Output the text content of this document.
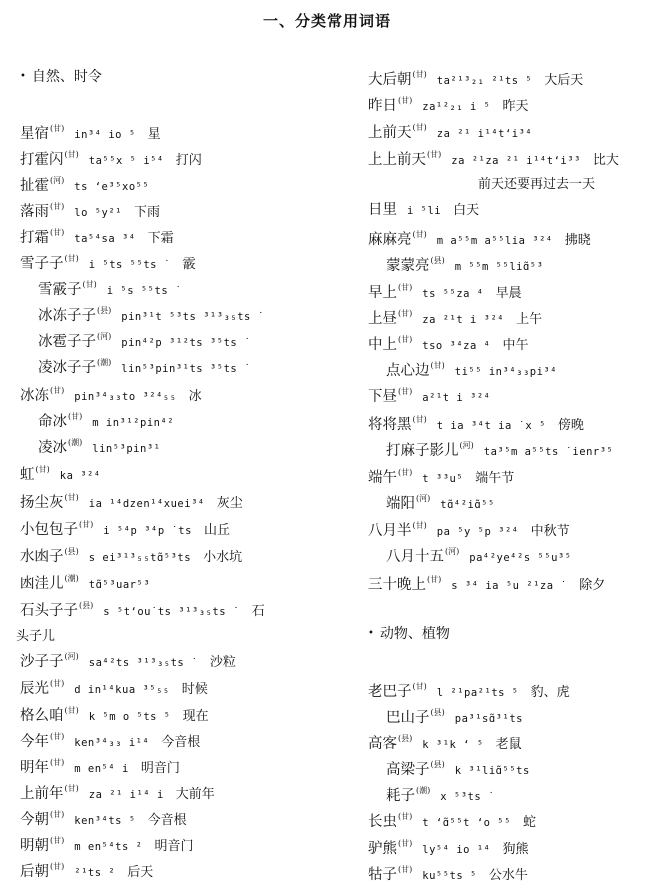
一、分类常用词语
• 自然、时令
星宿$^{(甘)}$in³⁴ io ⁵ 星
打霍闪$^{(甘)}$ta⁵⁵x ⁵ i⁵⁴ 打闪
扯霍$^{(河)}$ts ‘e³⁵xo⁵⁵
落雨$^{(甘)}$lo ⁵y²¹ 下雨
打霜$^{(甘)}$ta⁵⁴sa ³⁴ 下霜
雪子子$^{(甘)}$i ⁵ts ⁵⁵ts ˙ 霰
雪霰子$^{(甘)}$i ⁵s ⁵⁵ts ˙
冰冻子子$^{(县)}$pin³¹t ⁵³ts ³¹³₃₅ts ˙
冰雹子子$^{(河)}$pin⁴²p ³¹²ts ³⁵ts ˙
凌冰子子$^{(潮)}$lin⁵³pin³¹ts ³⁵ts ˙
冰冻$^{(甘)}$pin³⁴₃₃to ³²⁴₅₅ 冰
命冰$^{(甘)}$m in³¹²pin⁴²
凌冰$^{(潮)}$lin⁵³pin³¹
虹$^{(甘)}$ka ³²⁴
扬尘灰$^{(甘)}$ia ¹⁴dzen¹⁴xuei³⁴ 灰尘
小包包子$^{(甘)}$i ⁵⁴p ³⁴p ˙ts 山丘
水凼子$^{(县)}$s ei³¹³₅₅tɑ̃⁵³ts 小水坑
凼洼儿$^{(潮)}$tɑ̃⁵³uar⁵³
石头子子$^{(县)}$s ⁵t‘ou˙ts ³¹³₃₅ts ˙ 石
沙子子$^{(河)}$sa⁴²ts ³¹³₃₅ts ˙ 沙粒
辰光$^{(甘)}$d in¹⁴kua ³⁵₅₅ 时候
格么咱$^{(甘)}$k ⁵m o ⁵ts ⁵ 现在
今年$^{(甘)}$ken³⁴₃₃ i¹⁴ 今音根
明年$^{(甘)}$m en⁵⁴ i 明音门
上前年$^{(甘)}$za ²¹ i¹⁴ i 大前年
今朝$^{(甘)}$ken³⁴ts ⁵ 今音根
明朝$^{(甘)}$m en⁵⁴ts ² 明音门
后朝$^{(甘)}$²¹ts ² 后天
头子儿
大后朝$^{(甘)}$ta²¹³₂₁ ²¹ts ⁵ 大后天
昨日$^{(甘)}$za¹²₂₁ i ⁵ 昨天
上前天$^{(甘)}$za ²¹ i¹⁴t‘i³⁴
上上前天$^{(甘)}$za ²¹za ²¹ i¹⁴t‘i³³ 比大
前天还要再过去一天
日里 i ⁵li 白天
麻麻亮$^{(甘)}$m a⁵⁵m a⁵⁵lia ³²⁴ 拂晓
蒙蒙亮$^{(县)}$m ⁵⁵m ⁵⁵liɑ̃⁵³
早上$^{(甘)}$ts ⁵⁵za ⁴ 早晨
上昼$^{(甘)}$za ²¹t i ³²⁴ 上午
中上$^{(甘)}$tso ³⁴za ⁴ 中午
点心边$^{(甘)}$ti⁵⁵ in³⁴₃₃pi³⁴
下昼$^{(甘)}$a²¹t i ³²⁴
将将黑$^{(甘)}$t ia ³⁴t ia ˙x ⁵ 傍晚
打麻子影儿$^{(河)}$ta³⁵m a⁵⁵ts ˙ienr³⁵
端午$^{(甘)}$t ³³u⁵ 端午节
端阳$^{(河)}$tɑ̃⁴²iɑ̃⁵⁵
八月半$^{(甘)}$pa ⁵y ⁵p ³²⁴ 中秋节
八月十五$^{(河)}$pa⁴²ye⁴²s ⁵⁵u³⁵
三十晚上$^{(甘)}$s ³⁴ ia ⁵u ²¹za ˙ 除夕
• 动物、植物
老巴子$^{(甘)}$l ²¹pa²¹ts ⁵ 豹、虎
巴山子$^{(县)}$pa³¹sɑ̃³¹ts
高客$^{(县)}$k ³¹k ‘ ⁵ 老鼠
高梁子$^{(县)}$k ³¹liɑ̃⁵⁵ts
耗子$^{(潮)}$x ⁵³ts ˙
长虫$^{(甘)}$t ‘ɑ̃⁵⁵t ‘o ⁵⁵ 蛇
驴熊$^{(甘)}$ly⁵⁴ io ¹⁴ 狗熊
牯子$^{(甘)}$ku⁵⁵ts ⁵ 公水牛
